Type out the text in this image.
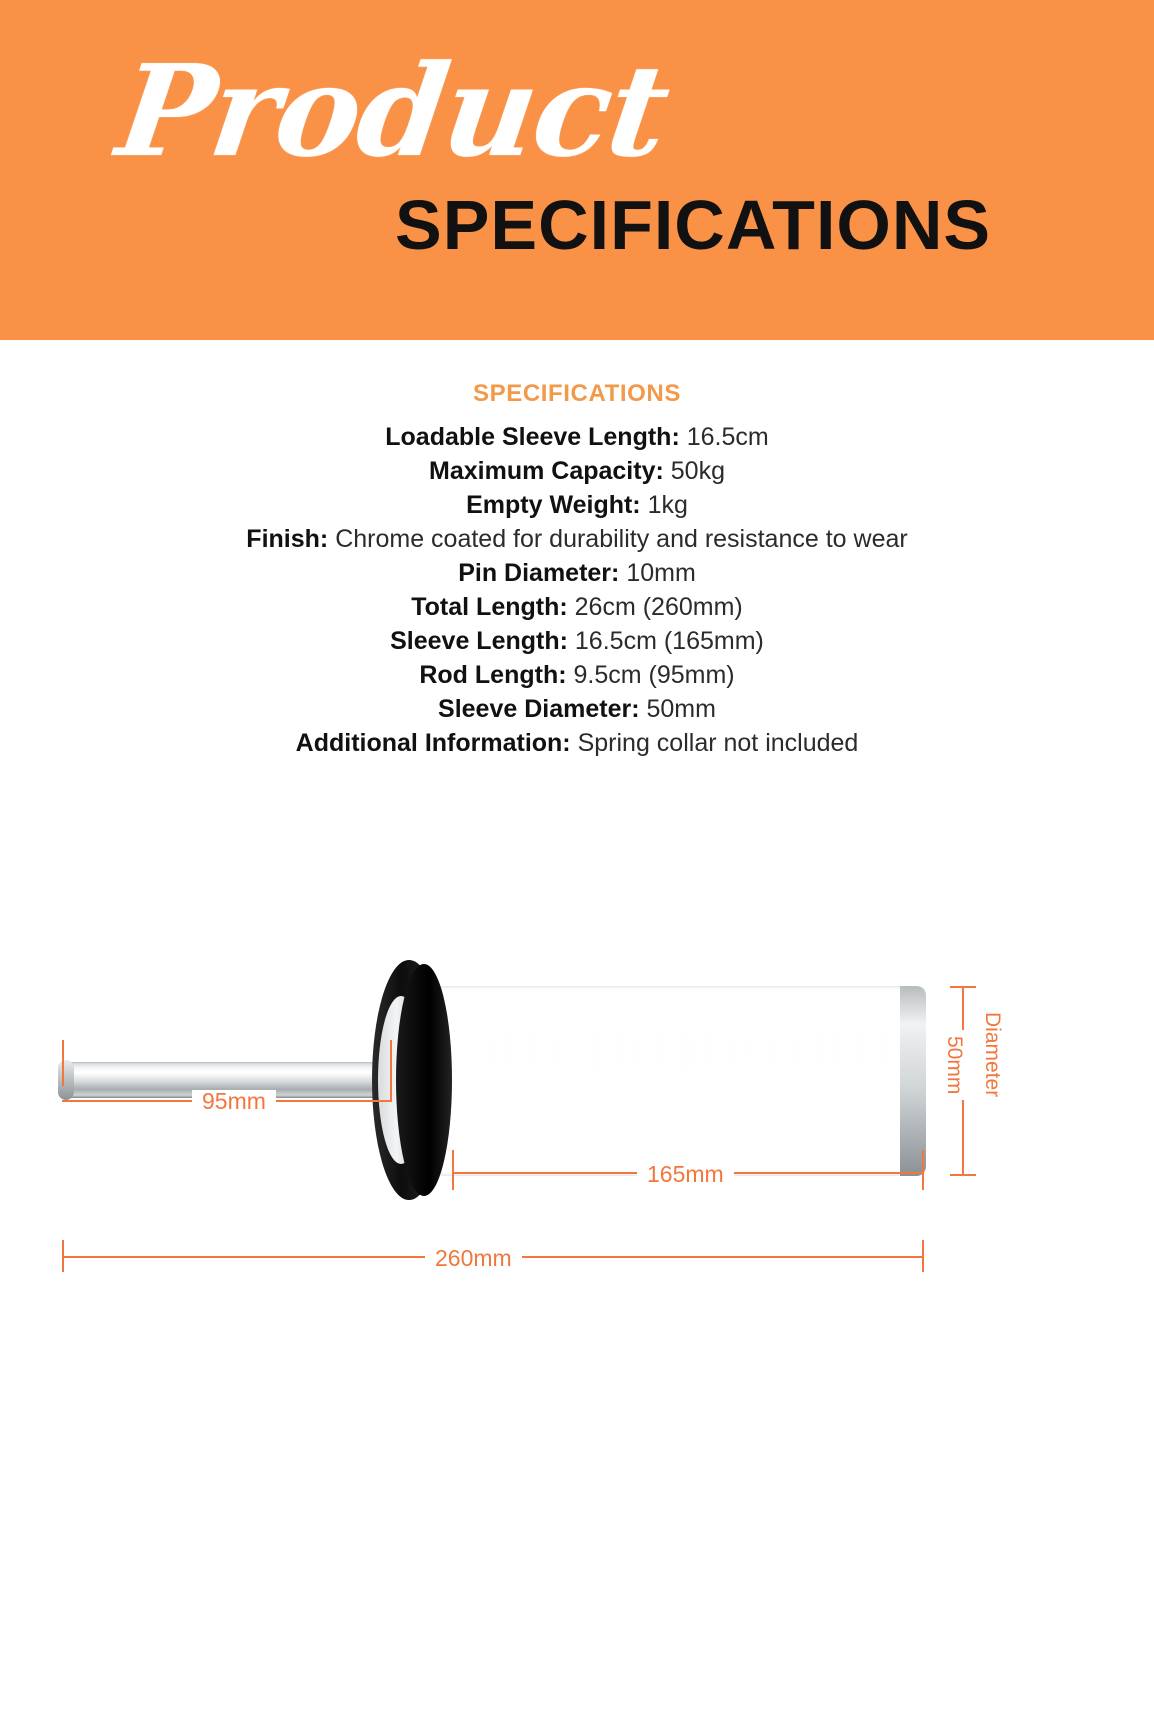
Product
SPECIFICATIONS
SPECIFICATIONS
Loadable Sleeve Length: 16.5cm
Maximum Capacity: 50kg
Empty Weight: 1kg
Finish: Chrome coated for durability and resistance to wear
Pin Diameter: 10mm
Total Length: 26cm (260mm)
Sleeve Length: 16.5cm (165mm)
Rod Length: 9.5cm (95mm)
Sleeve Diameter: 50mm
Additional Information: Spring collar not included
95mm
165mm
260mm
50mm Diameter
